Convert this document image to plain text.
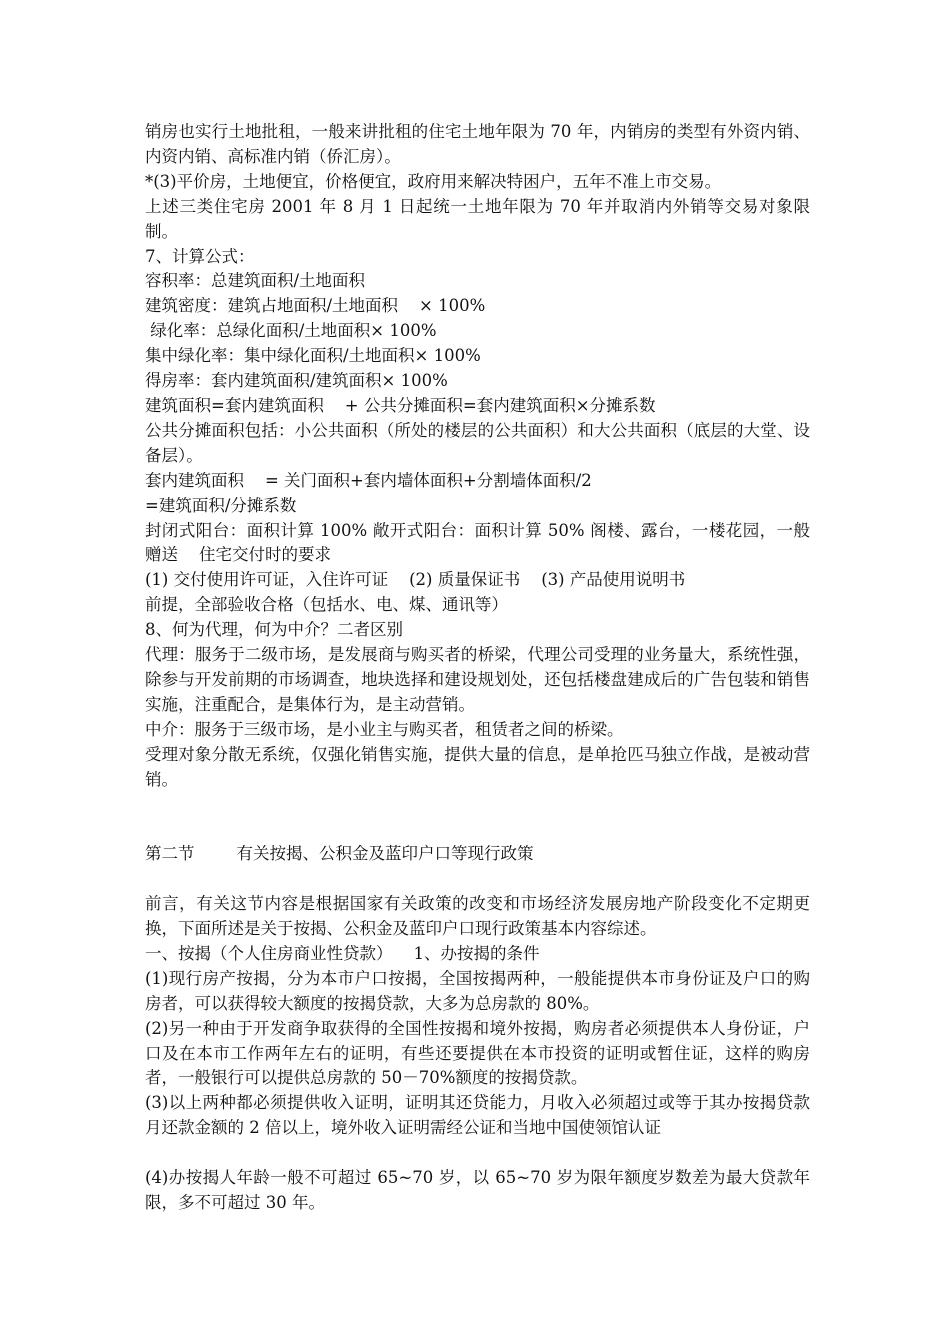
销房也实行土地批租，一般来讲批租的住宅土地年限为 70 年，内销房的类型有外资内销、内资内销、高标准内销（侨汇房）。

*(3)平价房，土地便宜，价格便宜，政府用来解决特困户，五年不准上市交易。

上述三类住宅房 2001 年 8 月 1 日起统一土地年限为 70 年并取消内外销等交易对象限制。

7、计算公式：

容积率：总建筑面积/土地面积

建筑密度：建筑占地面积/土地面积    × 100%

绿化率：总绿化面积/土地面积× 100%

集中绿化率：集中绿化面积/土地面积× 100%

得房率：套内建筑面积/建筑面积× 100%

建筑面积=套内建筑面积    + 公共分摊面积=套内建筑面积×分摊系数

公共分摊面积包括：小公共面积（所处的楼层的公共面积）和大公共面积（底层的大堂、设备层）。

套内建筑面积    = 关门面积+套内墙体面积+分割墙体面积/2

=建筑面积/分摊系数

封闭式阳台：面积计算 100% 敞开式阳台：面积计算 50% 阁楼、露台，一楼花园，一般赠送    住宅交付时的要求

(1) 交付使用许可证，入住许可证    (2) 质量保证书    (3) 产品使用说明书

前提，全部验收合格（包括水、电、煤、通讯等）

8、何为代理，何为中介？二者区别

代理：服务于二级市场，是发展商与购买者的桥梁，代理公司受理的业务量大，系统性强，除参与开发前期的市场调查，地块选择和建设规划处，还包括楼盘建成后的广告包装和销售实施，注重配合，是集体行为，是主动营销。

中介：服务于三级市场，是小业主与购买者，租赁者之间的桥梁。

受理对象分散无系统，仅强化销售实施，提供大量的信息，是单抢匹马独立作战，是被动营销。

第二节        有关按揭、公积金及蓝印户口等现行政策

前言，有关这节内容是根据国家有关政策的改变和市场经济发展房地产阶段变化不定期更换，下面所述是关于按揭、公积金及蓝印户口现行政策基本内容综述。

一、按揭（个人住房商业性贷款）    1、办按揭的条件

(1)现行房产按揭，分为本市户口按揭，全国按揭两种，一般能提供本市身份证及户口的购房者，可以获得较大额度的按揭贷款，大多为总房款的 80%。

(2)另一种由于开发商争取获得的全国性按揭和境外按揭，购房者必须提供本人身份证，户口及在本市工作两年左右的证明，有些还要提供在本市投资的证明或暂住证，这样的购房者，一般银行可以提供总房款的 50－70%额度的按揭贷款。

(3)以上两种都必须提供收入证明，证明其还贷能力，月收入必须超过或等于其办按揭贷款月还款金额的 2 倍以上，境外收入证明需经公证和当地中国使领馆认证

(4)办按揭人年龄一般不可超过 65~70 岁，以 65~70 岁为限年额度岁数差为最大贷款年限，多不可超过 30 年。
